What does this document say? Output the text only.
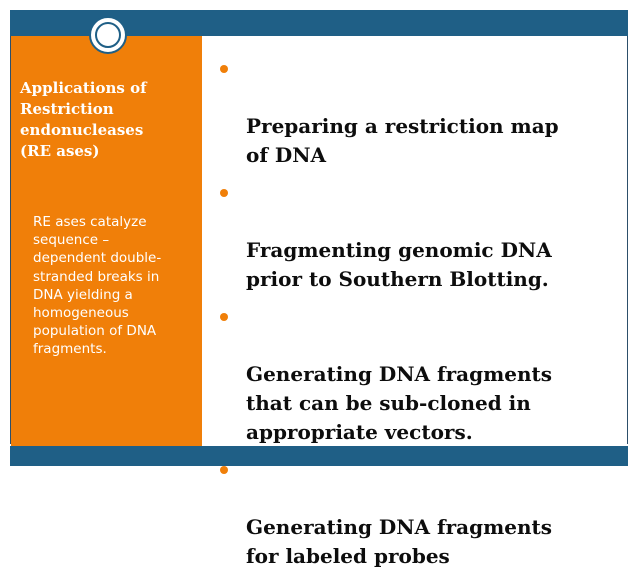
Applications of
Restriction
endonucleases
(RE ases)
RE ases catalyze
sequence –
dependent double-
stranded breaks in
DNA yielding a
homogeneous
population of DNA
fragments.

Preparing a restriction map
of DNA

Fragmenting genomic DNA
prior to Southern Blotting.

Generating DNA fragments
that can be sub-cloned in
appropriate vectors.

Generating DNA fragments
for labeled probes
